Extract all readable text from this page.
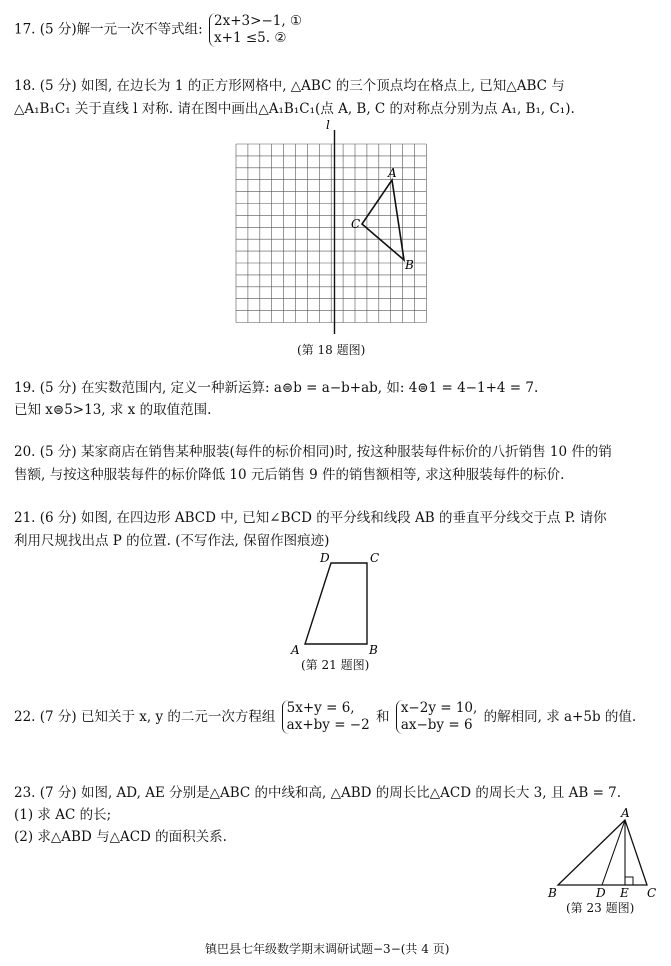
17. (5 分)解一元一次不等式组:
2x+3>−1, ①
x+1 ≤5. ②
18. (5 分) 如图, 在边长为 1 的正方形网格中, △ABC 的三个顶点均在格点上, 已知△ABC 与
△A₁B₁C₁ 关于直线 l 对称. 请在图中画出△A₁B₁C₁(点 A, B, C 的对称点分别为点 A₁, B₁, C₁).
l
A
C
B
(第 18 题图)
19. (5 分) 在实数范围内, 定义一种新运算: a⊜b = a−b+ab, 如: 4⊜1 = 4−1+4 = 7.
已知 x⊜5>13, 求 x 的取值范围.
20. (5 分) 某家商店在销售某种服装(每件的标价相同)时, 按这种服装每件标价的八折销售 10 件的销
售额, 与按这种服装每件的标价降低 10 元后销售 9 件的销售额相等, 求这种服装每件的标价.
21. (6 分) 如图, 在四边形 ABCD 中, 已知∠BCD 的平分线和线段 AB 的垂直平分线交于点 P. 请你
利用尺规找出点 P 的位置. (不写作法, 保留作图痕迹)
D	C
A	B
(第 21 题图)
22. (7 分) 已知关于 x, y 的二元一次方程组
5x+y = 6,
ax+by = −2 和
x−2y = 10,
ax−by = 6 的解相同, 求 a+5b 的值.
23. (7 分) 如图, AD, AE 分别是△ABC 的中线和高, △ABD 的周长比△ACD 的周长大 3, 且 AB = 7.
(1) 求 AC 的长;
(2) 求△ABD 与△ACD 的面积关系.
A
B	D E C
(第 23 题图)
镇巴县七年级数学期末调研试题−3−(共 4 页)
